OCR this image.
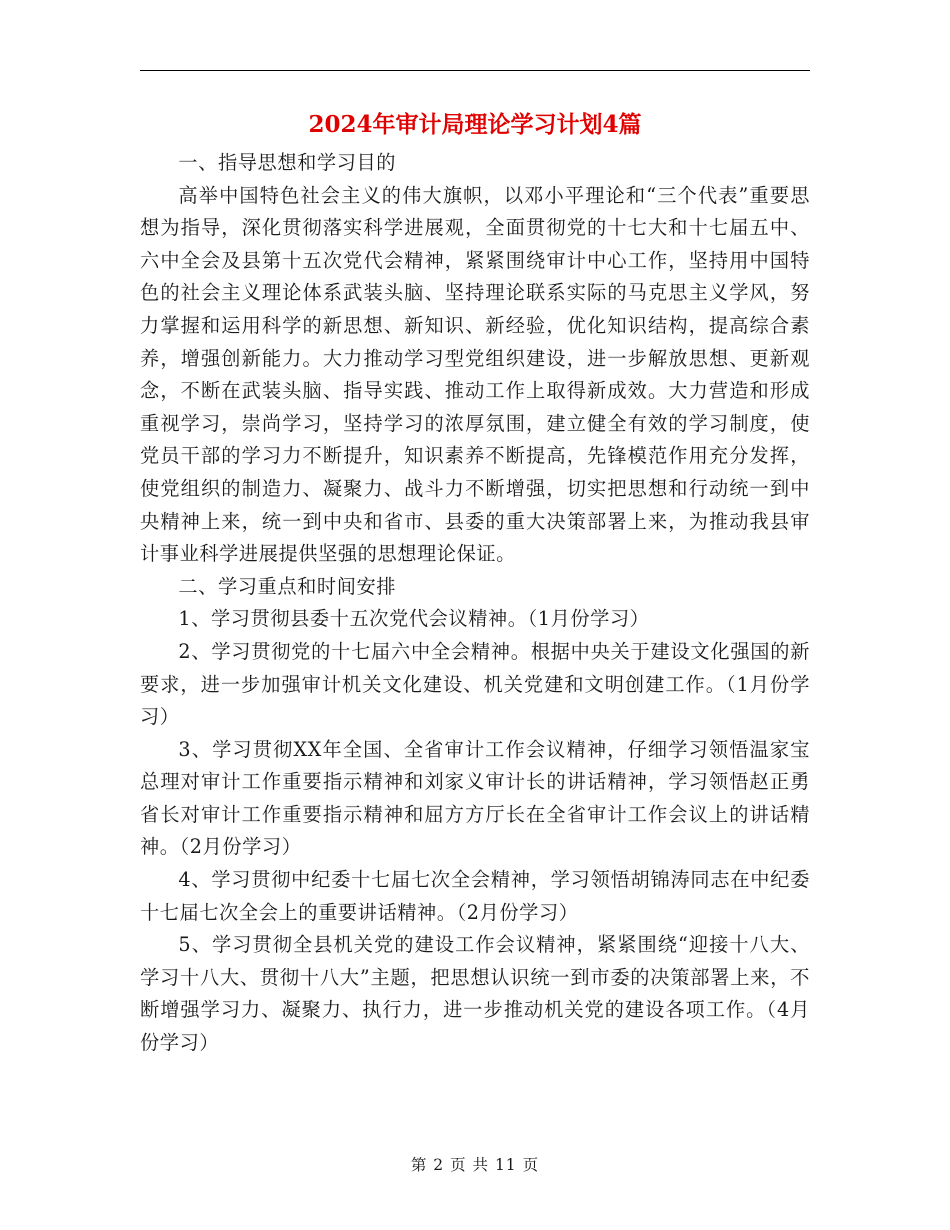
2024年审计局理论学习计划4篇

一、指导思想和学习目的

高举中国特色社会主义的伟大旗帜，以邓小平理论和“三个代表”重要思想为指导，深化贯彻落实科学进展观，全面贯彻党的十七大和十七届五中、六中全会及县第十五次党代会精神，紧紧围绕审计中心工作，坚持用中国特色的社会主义理论体系武装头脑、坚持理论联系实际的马克思主义学风，努力掌握和运用科学的新思想、新知识、新经验，优化知识结构，提高综合素养，增强创新能力。大力推动学习型党组织建设，进一步解放思想、更新观念，不断在武装头脑、指导实践、推动工作上取得新成效。大力营造和形成重视学习，崇尚学习，坚持学习的浓厚氛围，建立健全有效的学习制度，使党员干部的学习力不断提升，知识素养不断提高，先锋模范作用充分发挥，使党组织的制造力、凝聚力、战斗力不断增强，切实把思想和行动统一到中央精神上来，统一到中央和省市、县委的重大决策部署上来，为推动我县审计事业科学进展提供坚强的思想理论保证。

二、学习重点和时间安排

1、学习贯彻县委十五次党代会议精神。（1月份学习）

2、学习贯彻党的十七届六中全会精神。根据中央关于建设文化强国的新要求，进一步加强审计机关文化建设、机关党建和文明创建工作。（1月份学习）

3、学习贯彻XX年全国、全省审计工作会议精神，仔细学习领悟温家宝总理对审计工作重要指示精神和刘家义审计长的讲话精神，学习领悟赵正勇省长对审计工作重要指示精神和屈方方厅长在全省审计工作会议上的讲话精神。（2月份学习）

4、学习贯彻中纪委十七届七次全会精神，学习领悟胡锦涛同志在中纪委十七届七次全会上的重要讲话精神。（2月份学习）

5、学习贯彻全县机关党的建设工作会议精神，紧紧围绕“迎接十八大、学习十八大、贯彻十八大”主题，把思想认识统一到市委的决策部署上来，不断增强学习力、凝聚力、执行力，进一步推动机关党的建设各项工作。（4月份学习）

第 2 页 共 11 页
